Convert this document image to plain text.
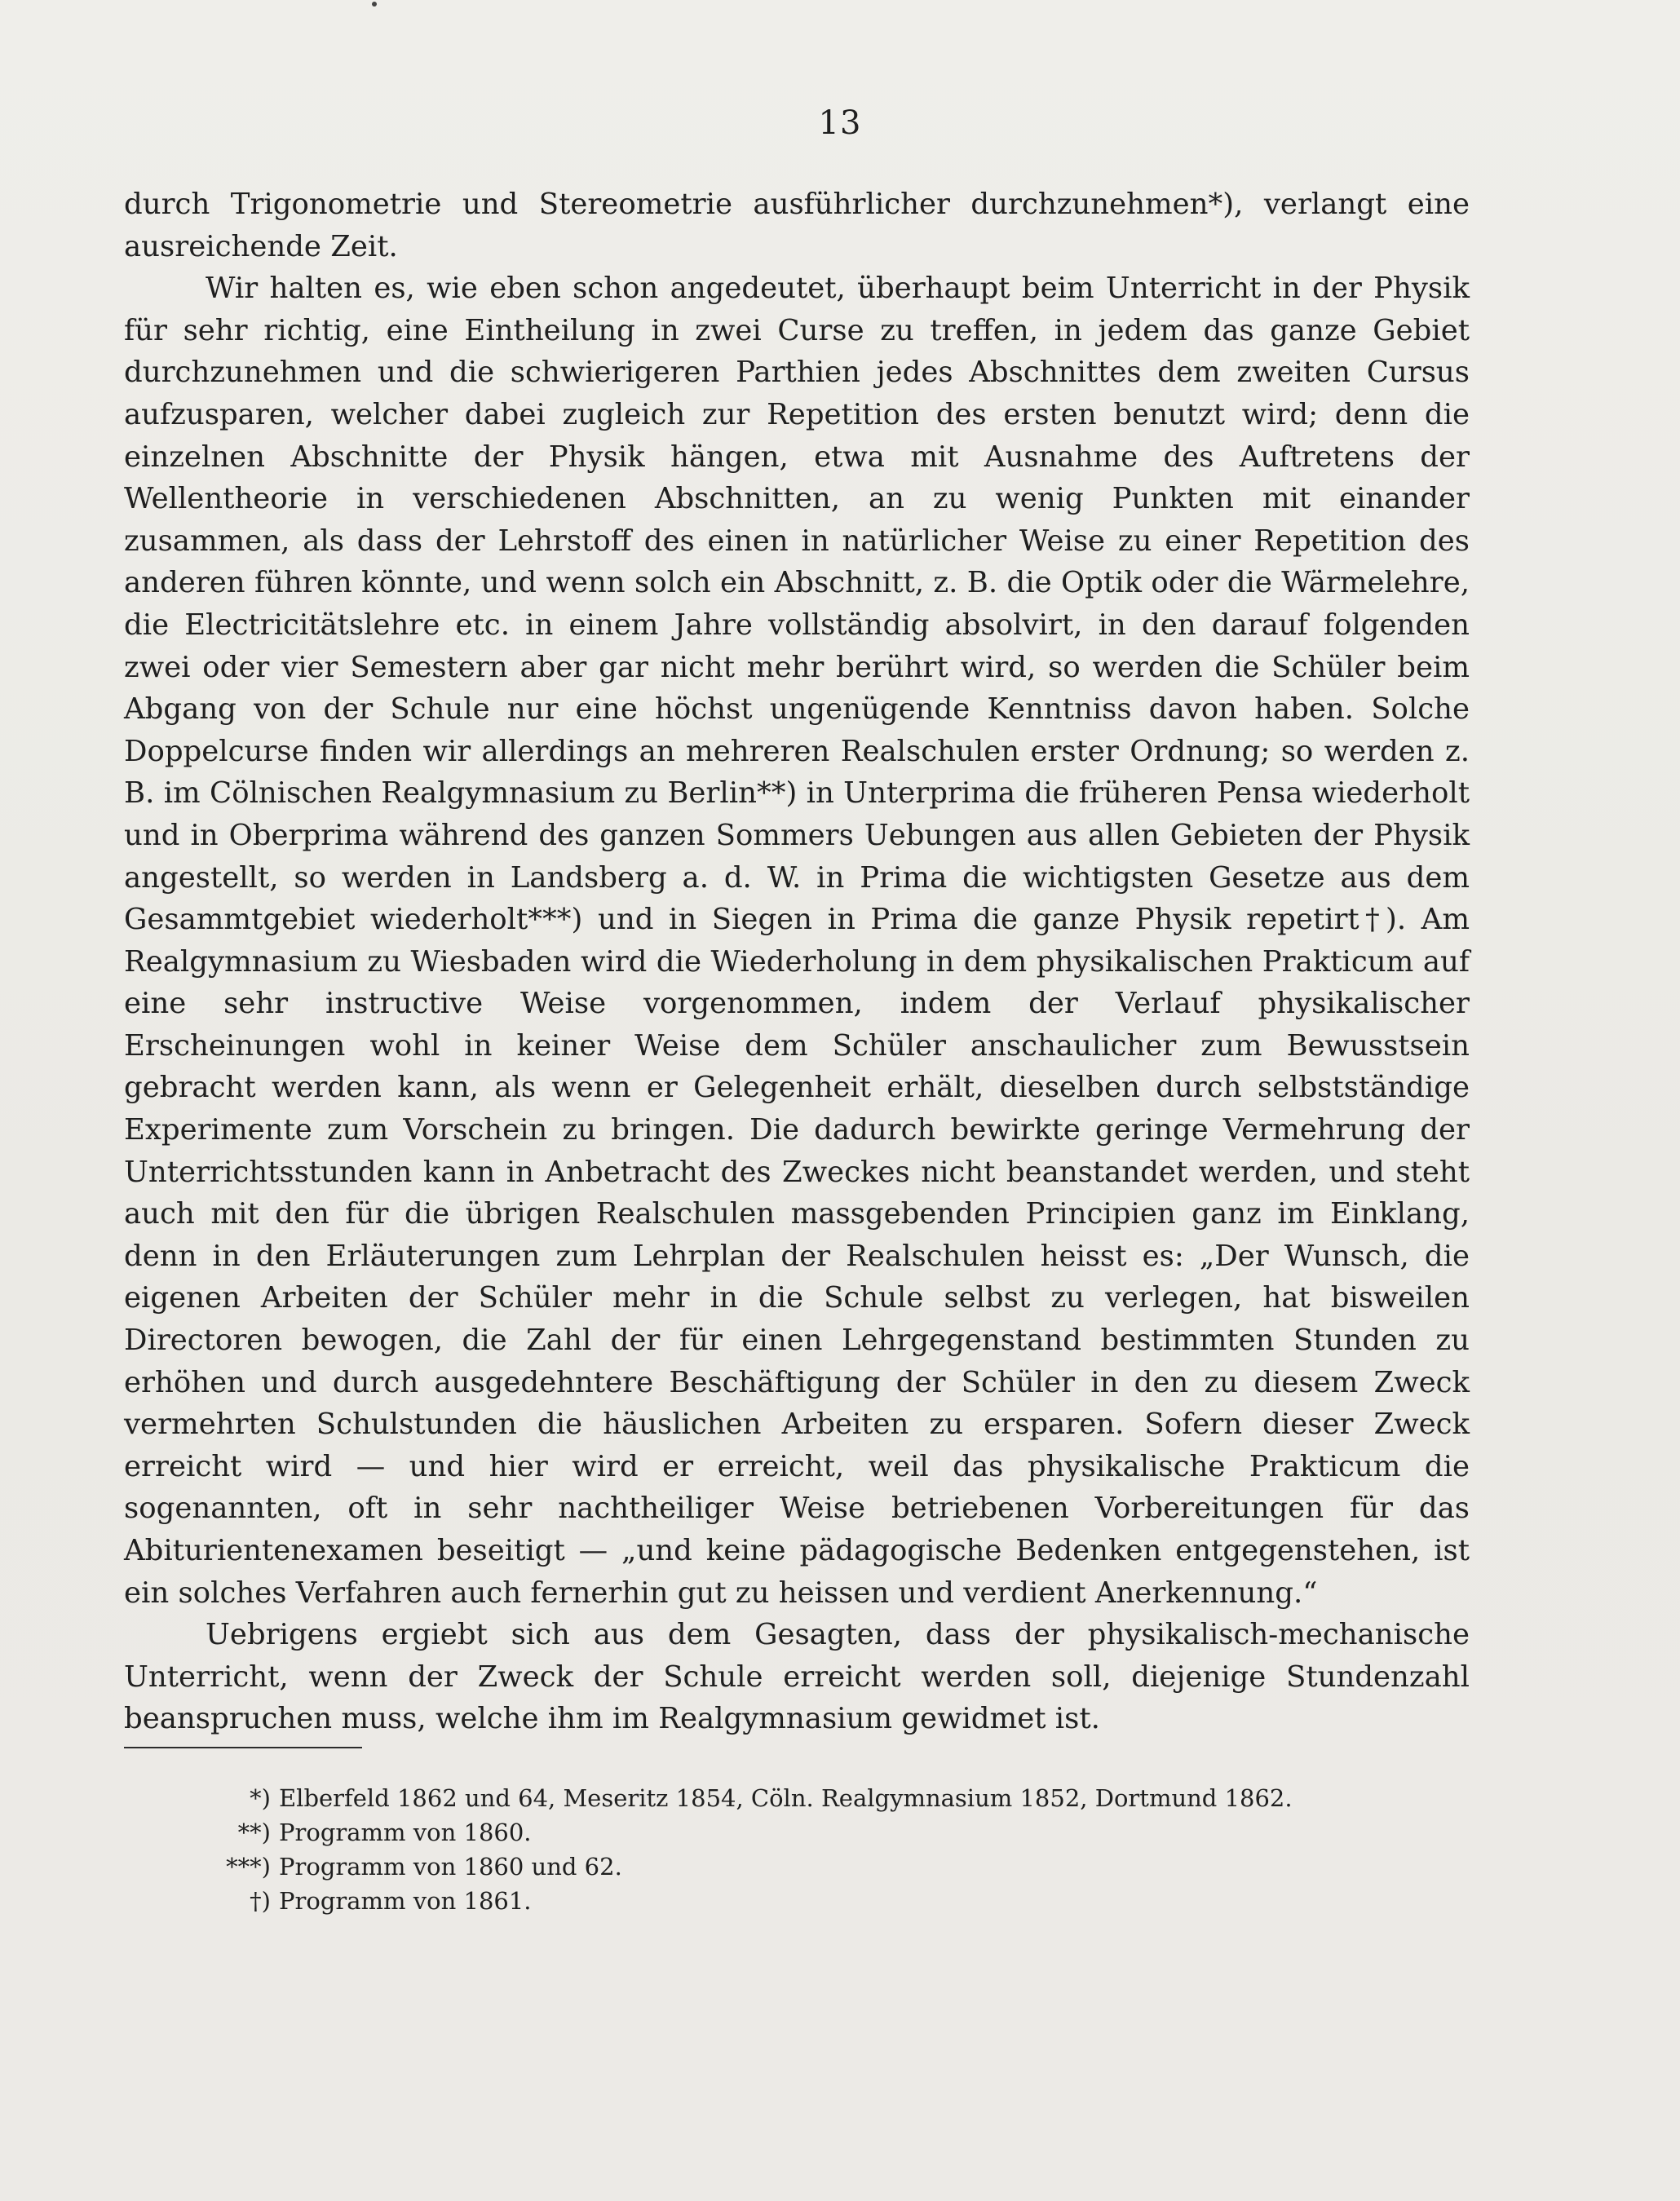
13

durch Trigonometrie und Stereometrie ausführlicher durchzunehmen*), verlangt eine ausreichende Zeit.

Wir halten es, wie eben schon angedeutet, überhaupt beim Unterricht in der Physik für sehr richtig, eine Eintheilung in zwei Curse zu treffen, in jedem das ganze Gebiet durchzunehmen und die schwierigeren Parthien jedes Abschnittes dem zweiten Cursus aufzusparen, welcher dabei zugleich zur Repetition des ersten benutzt wird; denn die einzelnen Abschnitte der Physik hängen, etwa mit Ausnahme des Auftretens der Wellentheorie in verschiedenen Abschnitten, an zu wenig Punkten mit einander zusammen, als dass der Lehrstoff des einen in natürlicher Weise zu einer Repetition des anderen führen könnte, und wenn solch ein Abschnitt, z. B. die Optik oder die Wärmelehre, die Electricitätslehre etc. in einem Jahre vollständig absolvirt, in den darauf folgenden zwei oder vier Semestern aber gar nicht mehr berührt wird, so werden die Schüler beim Abgang von der Schule nur eine höchst ungenügende Kenntniss davon haben. Solche Doppelcurse finden wir allerdings an mehreren Realschulen erster Ordnung; so werden z. B. im Cölnischen Realgymnasium zu Berlin**) in Unterprima die früheren Pensa wiederholt und in Oberprima während des ganzen Sommers Uebungen aus allen Gebieten der Physik angestellt, so werden in Landsberg a. d. W. in Prima die wichtigsten Gesetze aus dem Gesammtgebiet wiederholt***) und in Siegen in Prima die ganze Physik repetirt†). Am Realgymnasium zu Wiesbaden wird die Wiederholung in dem physikalischen Prakticum auf eine sehr instructive Weise vorgenommen, indem der Verlauf physikalischer Erscheinungen wohl in keiner Weise dem Schüler anschaulicher zum Bewusstsein gebracht werden kann, als wenn er Gelegenheit erhält, dieselben durch selbstständige Experimente zum Vorschein zu bringen. Die dadurch bewirkte geringe Vermehrung der Unterrichtsstunden kann in Anbetracht des Zweckes nicht beanstandet werden, und steht auch mit den für die übrigen Realschulen massgebenden Principien ganz im Einklang, denn in den Erläuterungen zum Lehrplan der Realschulen heisst es: „Der Wunsch, die eigenen Arbeiten der Schüler mehr in die Schule selbst zu verlegen, hat bisweilen Directoren bewogen, die Zahl der für einen Lehrgegenstand bestimmten Stunden zu erhöhen und durch ausgedehntere Beschäftigung der Schüler in den zu diesem Zweck vermehrten Schulstunden die häuslichen Arbeiten zu ersparen. Sofern dieser Zweck erreicht wird — und hier wird er erreicht, weil das physikalische Prakticum die sogenannten, oft in sehr nachtheiliger Weise betriebenen Vorbereitungen für das Abiturientenexamen beseitigt — „und keine pädagogische Bedenken entgegenstehen, ist ein solches Verfahren auch fernerhin gut zu heissen und verdient Anerkennung.“

Uebrigens ergiebt sich aus dem Gesagten, dass der physikalisch-mechanische Unterricht, wenn der Zweck der Schule erreicht werden soll, diejenige Stundenzahl beanspruchen muss, welche ihm im Realgymnasium gewidmet ist.

*) Elberfeld 1862 und 64, Meseritz 1854, Cöln. Realgymnasium 1852, Dortmund 1862.
**) Programm von 1860.
***) Programm von 1860 und 62.
†) Programm von 1861.
